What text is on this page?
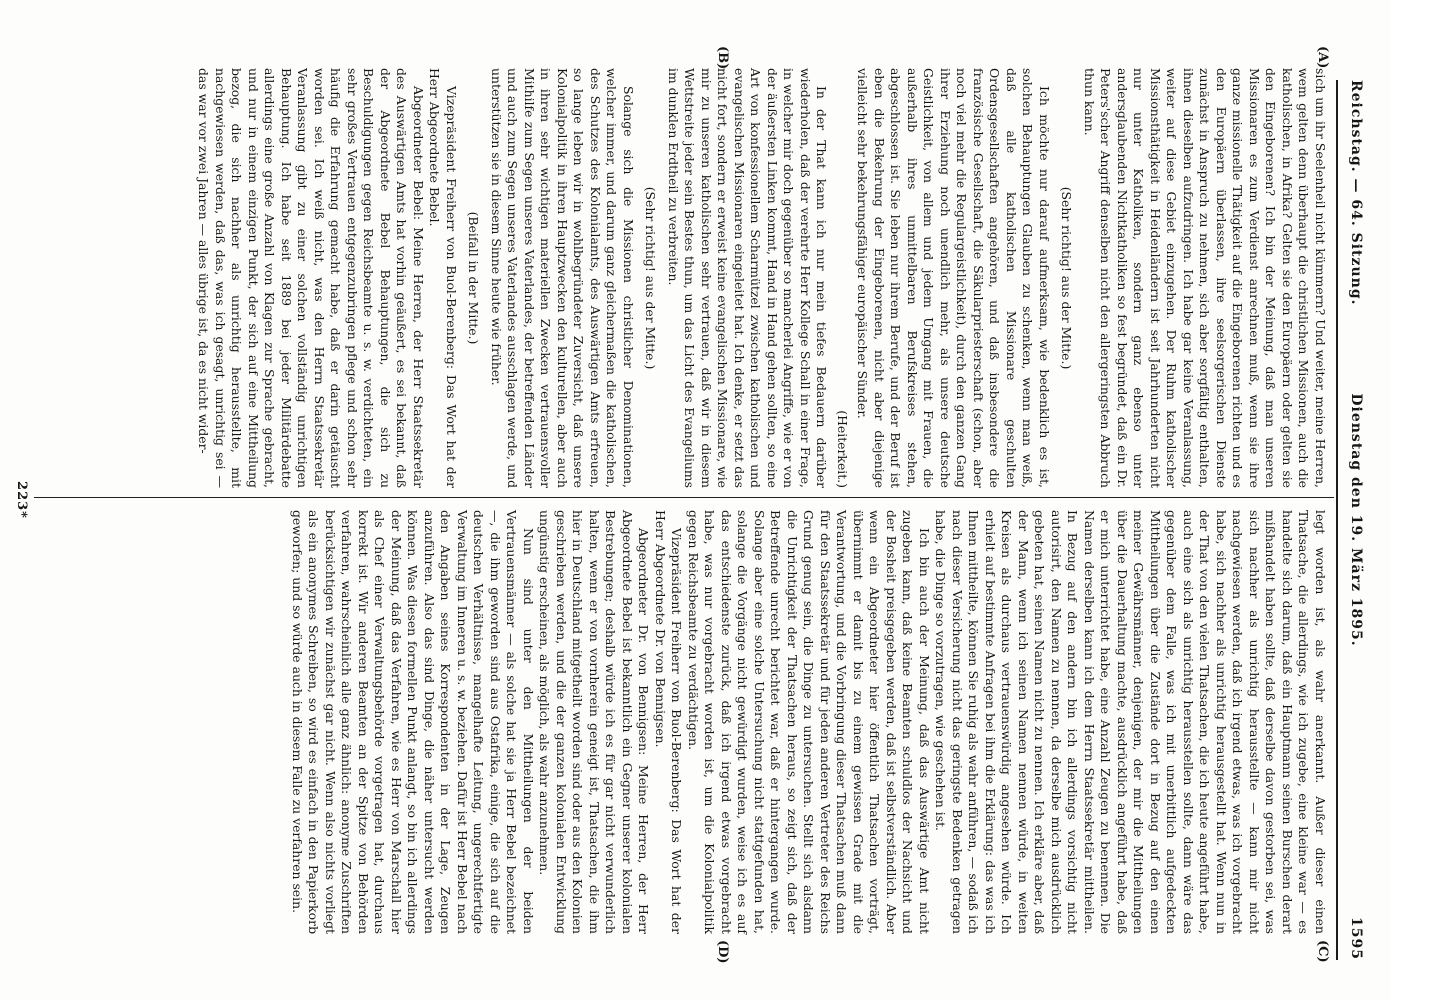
Reichstag. — 64. Sitzung.
Dienstag den 19. März 1895.
1595
(A)
(B)
(C)
(D)

sich um ihr Seelenheil nicht kümmern? Und weiter, meine Herren, wem gelten denn überhaupt die christlichen Missionen, auch die katholischen, in Afrika? Gelten sie den Europäern oder gelten sie den Eingeborenen? Ich bin der Meinung, daß man unseren Missionaren es zum Verdienst anrechnen muß, wenn sie ihre ganze missionelle Thätigkeit auf die Eingeborenen richten und es den Europäern überlassen, ihre seelsorgerischen Dienste zunächst in Anspruch zu nehmen, sich aber sorgfältig enthalten, ihnen dieselben aufzudringen. Ich habe gar keine Veranlassung, weiter auf diese Gebiet einzugehen. Der Ruhm katholischer Missionsthätigkeit in Heidenländern ist seit Jahrhunderten nicht nur unter Katholiken, sondern ganz ebenso unter andersglaubenden Nichtkatholiken so fest begründet, daß ein Dr. Peters'scher Angriff denselben nicht den allergeringsten Abbruch thun kann.

(Sehr richtig! aus der Mitte.)

Ich möchte nur darauf aufmerksam, wie bedenklich es ist, solchen Behauptungen Glauben zu schenken, wenn man weiß, daß alle katholischen Missionare geschulten Ordensgesellschaften angehören, und daß insbesondere die französische Gesellschaft, die Säkularpriesterschaft (schon, aber noch viel mehr die Regulargeistlichkeit), durch den ganzen Gang ihrer Erziehung noch unendlich mehr, als unsere deutsche Geistlichkeit, von allem und jedem Umgang mit Frauen, die außerhalb ihres unmittelbaren Berufskreises stehen, abgeschlossen ist. Sie leben nur ihrem Berufe, und der Beruf ist eben die Bekehrung der Eingeborenen, nicht aber diejenige vielleicht sehr bekehrungsfähiger europäischer Sünder.

(Heiterkeit.)

In der That kann ich nur mein tiefes Bedauern darüber wiederholen, daß der verehrte Herr Kollege Schall in einer Frage, in welcher mir doch gegenüber so mancherlei Angriffe, wie er von der äußersten Linken kommt, Hand in Hand gehen sollten, so eine Art von konfessionellem Scharmützel zwischen katholischen und evangelischen Missionaren eingeleitet hat. Ich denke, er setzt das nicht fort, sondern er erweist keine evangelischen Missionare, wie mir zu unseren katholischen sehr vertrauen, daß wir in diesem Wettstreite jeder sein Bestes thun, um das Licht des Evangeliums im dunklen Erdtheil zu verbreiten.

(Sehr richtig! aus der Mitte.)

Solange sich die Missionen christlicher Denominationen, welcher immer, und darum ganz gleichermaßen die katholischen, des Schutzes des Kolonialamts, des Auswärtigen Amts erfreuen, so lange leben wir in wohlbegründeter Zuversicht, daß unsere Kolonialpolitik in ihren Hauptzwecken den kulturellen, aber auch in ihren sehr wichtigen materiellen Zwecken vertrauensvoller Mithilfe zum Segen unseres Vaterlandes, der betreffenden Länder und auch zum Segen unseres Vaterlandes ausschlagen werde, und unterstützen sie in diesem Sinne heute wie früher.

(Beifall in der Mitte.)

Vizepräsident Freiherr von Buol-Berenberg: Das Wort hat der Herr Abgeordnete Bebel.

Abgeordneter Bebel: Meine Herren, der Herr Staatssekretär des Auswärtigen Amts hat vorhin geäußert, es sei bekannt, daß der Abgeordnete Bebel Behauptungen, die sich zu Beschuldigungen gegen Reichsbeamte u. s. w. verdichteten, ein sehr großes Vertrauen entgegenzubringen pflege und schon sehr häufig die Erfahrung gemacht habe, daß er darin getäuscht worden sei. Ich weiß nicht, was den Herrn Staatssekretär Veranlassung gibt zu einer solchen vollständig unrichtigen Behauptung. Ich habe seit 1889 bei jeder Militärdebatte allerdings eine große Anzahl von Klagen zur Sprache gebracht, und nur in einem einzigen Punkt, der sich auf eine Mittheilung bezog, die sich nachher als unrichtig herausstellte, mit nachgewiesen werden, daß das, was ich gesagt, unrichtig sei — das war vor zwei Jahren — alles übrige ist, da es nicht wider-

legt worden ist, als wahr anerkannt. Außer dieser einen Thatsache, die allerdings, wie ich zugebe, eine kleine war — es handelte sich darum, daß ein Hauptmann seinen Burschen derart mißhandelt haben sollte, daß derselbe davon gestorben sei, was sich nachher als unrichtig herausstellte — kann mir nicht nachgewiesen werden, daß ich irgend etwas, was ich vorgebracht habe, sich nachher als unrichtig herausgestellt hat. Wenn nun in der That von den vielen Thatsachen, die ich heute angeführt habe, auch eine sich als unrichtig herausstellen sollte, dann wäre das gegenüber dem Falle, was ich mit unerbittlich aufgedeckten Mittheilungen über die Zustände dort in Bezug auf den einen meiner Gewährsmänner, denjenigen, der mir die Mittheilungen über die Dauerhaltung machte, ausdrücklich angeführt habe, daß er mich unterrichtet habe, eine Anzahl Zeugen zu benennen. Die Namen derselben kann ich dem Herrn Staatssekretär mittheilen. In Bezug auf den andern bin ich allerdings vorsichtig nicht autorisirt, den Namen zu nennen, da derselbe mich ausdrücklich gebeten hat, seinen Namen nicht zu nennen. Ich erkläre aber, daß der Mann, wenn ich seinen Namen nennen würde, in weiten Kreisen als durchaus vertrauenswürdig angesehen würde. Ich erhielt auf bestimmte Anfragen bei ihm die Erklärung: das was ich Ihnen mittheilte, können Sie ruhig als wahr anführen, — sodaß ich nach dieser Versicherung nicht das geringste Bedenken getragen habe, die Dinge so vorzutragen, wie geschehen ist.

Ich bin auch der Meinung, daß das Auswärtige Amt nicht zugeben kann, daß keine Beamten schuldlos der Nachsicht und der Bosheit preisgegeben werden, daß ist selbstverständlich. Aber wenn ein Abgeordneter hier öffentlich Thatsachen vorträgt, übernimmt er damit bis zu einem gewissen Grade mit die Verantwortung, und die Vorbringung dieser Thatsachen muß dann für den Staatssekretär und für jeden anderen Vertreter des Reichs Grund genug sein, die Dinge zu untersuchen. Stellt sich alsdann die Unrichtigkeit der Thatsachen heraus, so zeigt sich, daß der Betreffende unrecht berichtet war, daß er hintergangen wurde. Solange aber eine solche Untersuchung nicht stattgefunden hat, solange die Vorgänge nicht gewürdigt wurden, weise ich es auf das entschiedenste zurück, daß ich irgend etwas vorgebracht habe, was nur vorgebracht worden ist, um die Kolonialpolitik gegen Reichsbeamte zu verdächtigen.

Vizepräsident Freiherr von Buol-Berenberg: Das Wort hat der Herr Abgeordnete Dr. von Bennigsen.

Abgeordneter Dr. von Bennigsen: Meine Herren, der Herr Abgeordnete Bebel ist bekanntlich ein Gegner unserer kolonialen Bestrebungen; deshalb würde ich es für gar nicht verwunderlich halten, wenn er von vornherein geneigt ist, Thatsachen, die ihm hier in Deutschland mitgetheilt worden sind oder aus den Kolonien geschrieben werden, und die der ganzen kolonialen Entwicklung ungünstig erscheinen, als möglich, als wahr anzunehmen.

Nun sind unter den Mittheilungen der beiden Vertrauensmänner — als solche hat sie ja Herr Bebel bezeichnet —, die ihm geworden sind aus Ostafrika, einige, die sich auf die deutschen Verhältnisse, mangelhafte Leitung, ungerechtfertigte Verwaltung im Inneren u. s. w. beziehen. Dafür ist Herr Bebel nach den Angaben seines Korrespondenten in der Lage, Zeugen anzuführen. Also das sind Dinge, die näher untersucht werden können. Was diesen formellen Punkt anlangt, so bin ich allerdings der Meinung, daß das Verfahren, wie es Herr von Marschall hier als Chef einer Verwaltungsbehörde vorgetragen hat, durchaus korrekt ist. Wir anderen Beamten an der Spitze von Behörden verfahren, wahrscheinlich alle ganz ähnlich: anonyme Zuschriften berücksichtigen wir zunächst gar nicht. Wenn also nichts vorliegt als ein anonymes Schreiben, so wird es einfach in den Papierkorb geworfen; und so würde auch in diesem Falle zu verfahren sein.

223*
